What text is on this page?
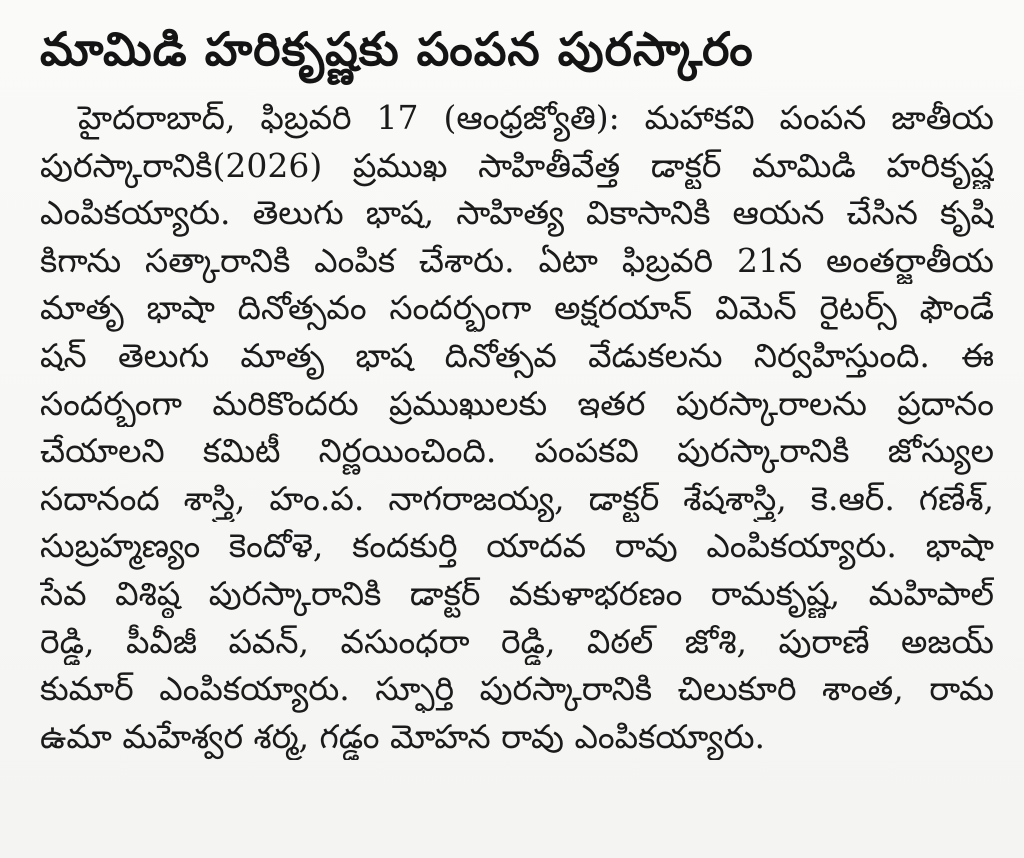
మామిడి హరికృష్ణకు పంపన పురస్కారం
హైదరాబాద్, ఫిబ్రవరి 17 (ఆంధ్రజ్యోతి): మహాకవి పంపన జాతీయ
పురస్కారానికి(2026) ప్రముఖ సాహితీవేత్త డాక్టర్ మామిడి హరికృష్ణ
ఎంపికయ్యారు. తెలుగు భాష, సాహిత్య వికాసానికి ఆయన చేసిన కృషి
కిగాను సత్కారానికి ఎంపిక చేశారు. ఏటా ఫిబ్రవరి 21న అంతర్జాతీయ
మాతృ భాషా దినోత్సవం సందర్భంగా అక్షరయాన్ విమెన్ రైటర్స్ ఫౌండే
షన్ తెలుగు మాతృ భాష దినోత్సవ వేడుకలను నిర్వహిస్తుంది. ఈ
సందర్భంగా మరికొందరు ప్రముఖులకు ఇతర పురస్కారాలను ప్రదానం
చేయాలని కమిటీ నిర్ణయించింది. పంపకవి పురస్కారానికి జోస్యుల
సదానంద శాస్త్రి, హం.ప. నాగరాజయ్య, డాక్టర్ శేషశాస్త్రి, కె.ఆర్. గణేశ్,
సుబ్రహ్మణ్యం కెందోళె, కందకుర్తి యాదవ రావు ఎంపికయ్యారు. భాషా
సేవ విశిష్ఠ పురస్కారానికి డాక్టర్ వకుళాభరణం రామకృష్ణ, మహిపాల్
రెడ్డి, పీవీజీ పవన్, వసుంధరా రెడ్డి, విఠల్ జోశి, పురాణే అజయ్
కుమార్ ఎంపికయ్యారు. స్ఫూర్తి పురస్కారానికి చిలుకూరి శాంత, రామ
ఉమా మహేశ్వర శర్మ, గడ్డం మోహన రావు ఎంపికయ్యారు.
